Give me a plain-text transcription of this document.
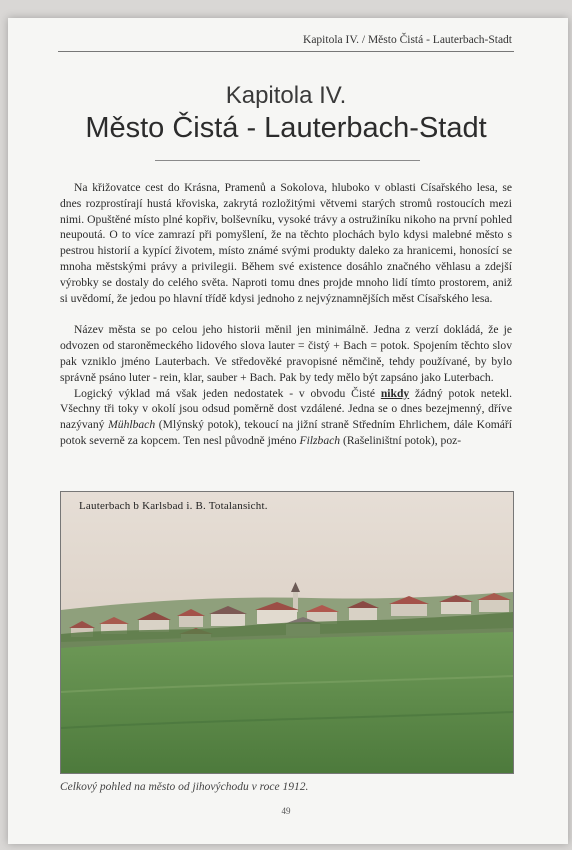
Kapitola IV. / Město Čistá - Lauterbach-Stadt
Kapitola IV.
Město Čistá - Lauterbach-Stadt

Na křižovatce cest do Krásna, Pramenů a Sokolova, hluboko v oblasti Císařského lesa, se dnes rozprostírají hustá křoviska, zakrytá rozložitými větvemi starých stromů rostoucích mezi nimi. Opuštěné místo plné kopřiv, bolševníku, vysoké trávy a ostružiníku nikoho na první pohled neupoutá. O to více zamrazí při pomyšlení, že na těchto plochách bylo kdysi malebné město s pestrou historií a kypící životem, místo známé svými produkty daleko za hranicemi, honosící se mnoha městskými právy a privilegii. Během své existence dosáhlo značného věhlasu a zdejší výrobky se dostaly do celého světa. Naproti tomu dnes projde mnoho lidí tímto prostorem, aniž si uvědomí, že jedou po hlavní třídě kdysi jednoho z nejvýznamnějších měst Císařského lesa.

Název města se po celou jeho historii měnil jen minimálně. Jedna z verzí dokládá, že je odvozen od staroněmeckého lidového slova lauter = čistý + Bach = potok. Spojením těchto slov pak vzniklo jméno Lauterbach. Ve středověké pravopisné němčině, tehdy používané, by bylo správně psáno luter - rein, klar, sauber + Bach. Pak by tedy mělo být zapsáno jako Luterbach.

Logický výklad má však jeden nedostatek - v obvodu Čisté nikdy žádný potok netekl. Všechny tři toky v okolí jsou odsud poměrně dost vzdálené. Jedna se o dnes bezejmenný, dříve nazývaný Mühlbach (Mlýnský potok), tekoucí na jižní straně Středním Ehrlichem, dále Komáří potok severně za kopcem. Ten nesl původně jméno Filzbach (Rašeliništní potok), poz-

Lauterbach b Karlsbad i. B. Totalansicht.
Celkový pohled na město od jihovýchodu v roce 1912.
49
